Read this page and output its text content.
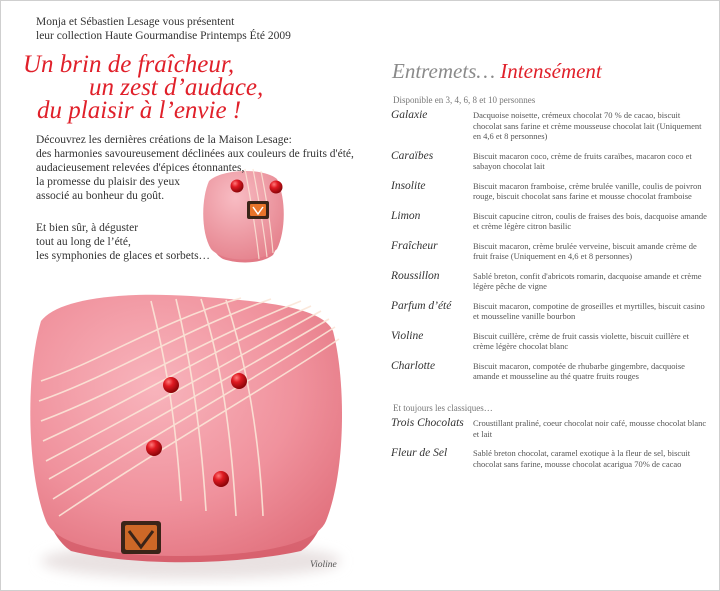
Monja et Sébastien Lesage vous présentent
leur collection Haute Gourmandise Printemps Été 2009
Un brin de fraîcheur,
un zest d’audace,
du plaisir à l’envie !
Découvrez les dernières créations de la Maison Lesage:
des harmonies savoureusement déclinées aux couleurs de fruits d'été,
audacieusement relevées d'épices étonnantes,
la promesse du plaisir des yeux
associé au bonheur du goût.
Et bien sûr, à déguster
tout au long de l’été,
les symphonies de glaces et sorbets…
Violine
Entremets… Intensément
Disponible en 3, 4, 6, 8 et 10 personnes
Galaxie	Dacquoise noisette, crémeux chocolat 70 % de cacao, biscuit chocolat sans farine et crème mousseuse chocolat lait (Uniquement en 4,6 et 8 personnes)
Caraïbes	Biscuit macaron coco, crème de fruits caraïbes, macaron coco et sabayon chocolat lait
Insolite	Biscuit macaron framboise, crème brulée vanille, coulis de poivron rouge, biscuit chocolat sans farine et mousse chocolat framboise
Limon	Biscuit capucine citron, coulis de fraises des bois, dacquoise amande et crème légère citron basilic
Fraîcheur	Biscuit macaron, crème brulée verveine, biscuit amande crème de fruit fraise (Uniquement en 4,6 et 8 personnes)
Roussillon	Sablé breton, confit d'abricots romarin, dacquoise amande et crème légère pêche de vigne
Parfum d’été	Biscuit macaron, compotine de groseilles et myrtilles, biscuit casino et mousseline vanille bourbon
Violine	Biscuit cuillère, crème de fruit cassis violette, biscuit cuillère et crème légère chocolat blanc
Charlotte	Biscuit macaron, compotée de rhubarbe gingembre, dacquoise amande et mousseline au thé quatre fruits rouges
Et toujours les classiques…
Trois Chocolats	Croustillant praliné, coeur chocolat noir café, mousse chocolat blanc et lait
Fleur de Sel	Sablé breton chocolat, caramel exotique à la fleur de sel, biscuit chocolat sans farine, mousse chocolat acarigua 70% de cacao
